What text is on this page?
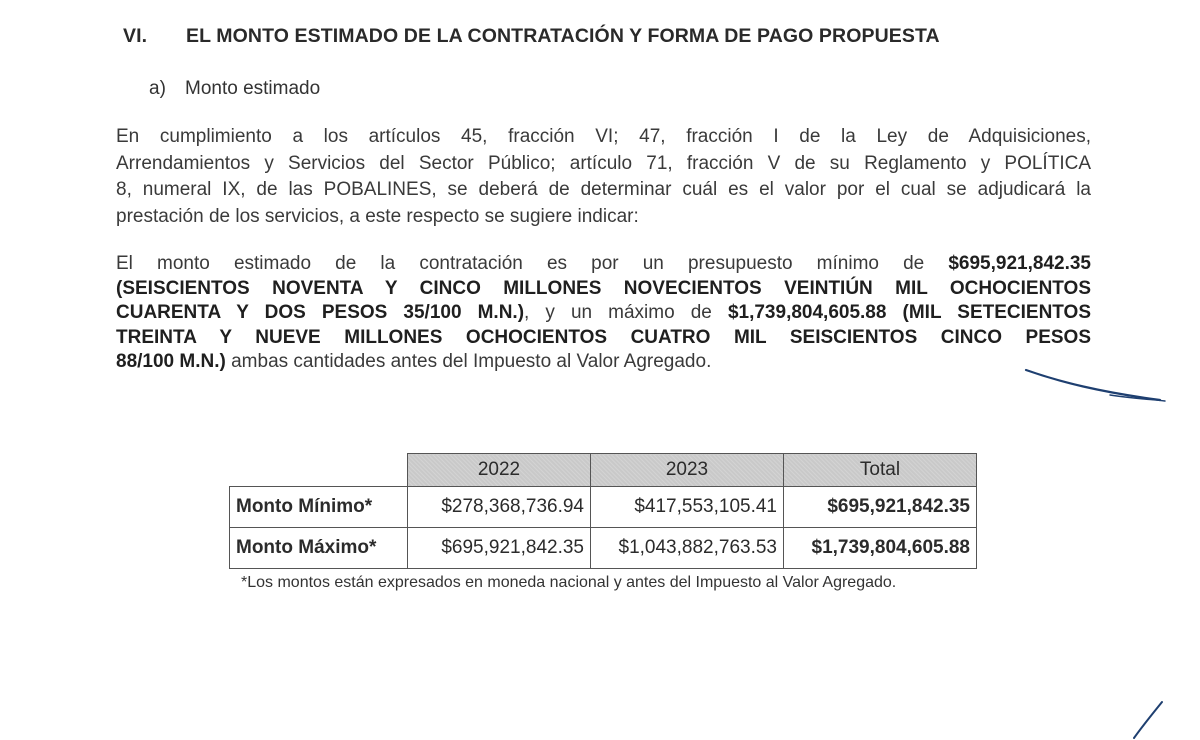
VI. EL MONTO ESTIMADO DE LA CONTRATACIÓN Y FORMA DE PAGO PROPUESTA
a) Monto estimado
En cumplimiento a los artículos 45, fracción VI; 47, fracción I de la Ley de Adquisiciones,
Arrendamientos y Servicios del Sector Público; artículo 71, fracción V de su Reglamento y POLÍTICA
8, numeral IX, de las POBALINES, se deberá de determinar cuál es el valor por el cual se adjudicará la
prestación de los servicios, a este respecto se sugiere indicar:
El monto estimado de la contratación es por un presupuesto mínimo de $695,921,842.35
(SEISCIENTOS NOVENTA Y CINCO MILLONES NOVECIENTOS VEINTIÚN MIL OCHOCIENTOS
CUARENTA Y DOS PESOS 35/100 M.N.), y un máximo de $1,739,804,605.88 (MIL SETECIENTOS
TREINTA Y NUEVE MILLONES OCHOCIENTOS CUATRO MIL SEISCIENTOS CINCO PESOS
88/100 M.N.) ambas cantidades antes del Impuesto al Valor Agregado.
	2022	2023	Total
Monto Mínimo*	$278,368,736.94	$417,553,105.41	$695,921,842.35
Monto Máximo*	$695,921,842.35	$1,043,882,763.53	$1,739,804,605.88
*Los montos están expresados en moneda nacional y antes del Impuesto al Valor Agregado.
